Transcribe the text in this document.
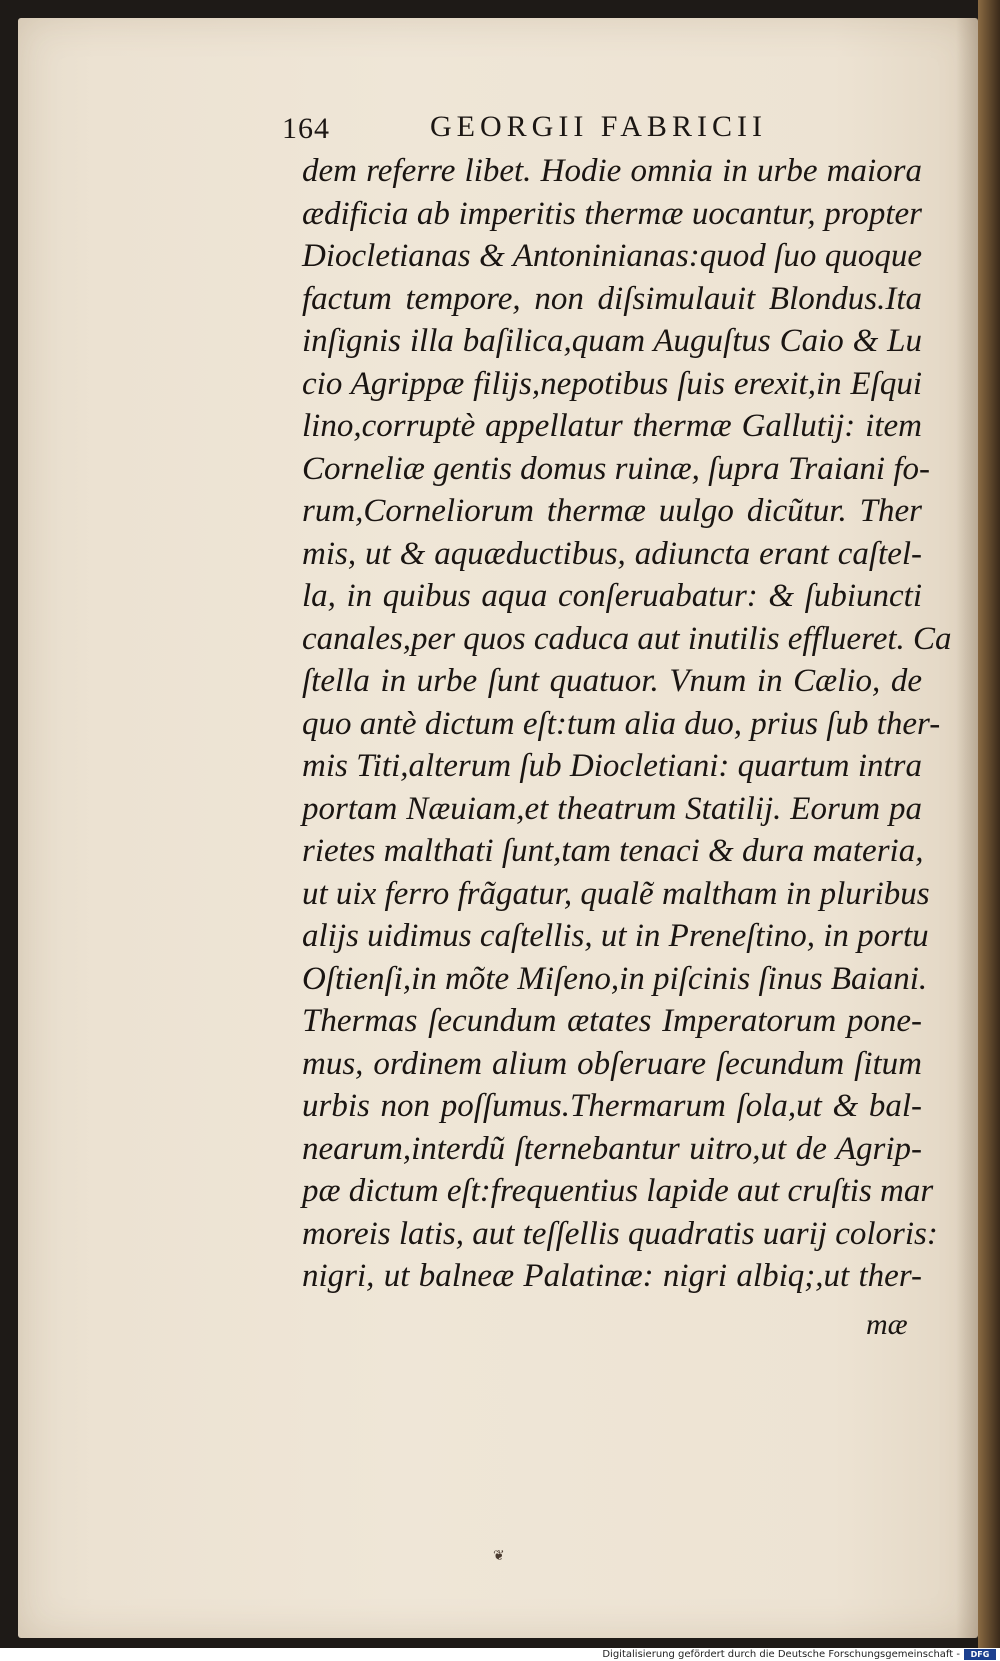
164	GEORGII FABRICII
dem referre libet. Hodie omnia in urbe maiora
ædificia ab imperitis thermæ uocantur, propter
Diocletianas & Antoninianas:quod ſuo quoque
factum tempore, non diſsimulauit Blondus.Ita
inſignis illa baſilica,quam Auguſtus Caio & Lu
cio Agrippæ filijs,nepotibus ſuis erexit,in Eſqui
lino,corruptè appellatur thermæ Gallutij: item
Corneliæ gentis domus ruinæ, ſupra Traiani fo-
rum,Corneliorum thermæ uulgo dicũtur. Ther
mis, ut & aquæductibus, adiuncta erant caſtel-
la, in quibus aqua conſeruabatur: & ſubiuncti
canales,per quos caduca aut inutilis efflueret. Ca
ſtella in urbe ſunt quatuor. Vnum in Cælio, de
quo antè dictum eſt:tum alia duo, prius ſub ther-
mis Titi,alterum ſub Diocletiani: quartum intra
portam Næuiam,et theatrum Statilij. Eorum pa
rietes malthati ſunt,tam tenaci & dura materia,
ut uix ferro frãgatur, qualẽ maltham in pluribus
alijs uidimus caſtellis, ut in Preneſtino, in portu
Oſtienſi,in mõte Miſeno,in piſcinis ſinus Baiani.
Thermas ſecundum ætates Imperatorum pone-
mus, ordinem alium obſeruare ſecundum ſitum
urbis non poſſumus.Thermarum ſola,ut & bal-
nearum,interdũ ſternebantur uitro,ut de Agrip-
pæ dictum eſt:frequentius lapide aut cruſtis mar
moreis latis, aut teſſellis quadratis uarij coloris:
nigri, ut balneæ Palatinæ: nigri albiq;,ut ther-
mæ
❦
Digitalisierung gefördert durch die Deutsche Forschungsgemeinschaft -	DFG
